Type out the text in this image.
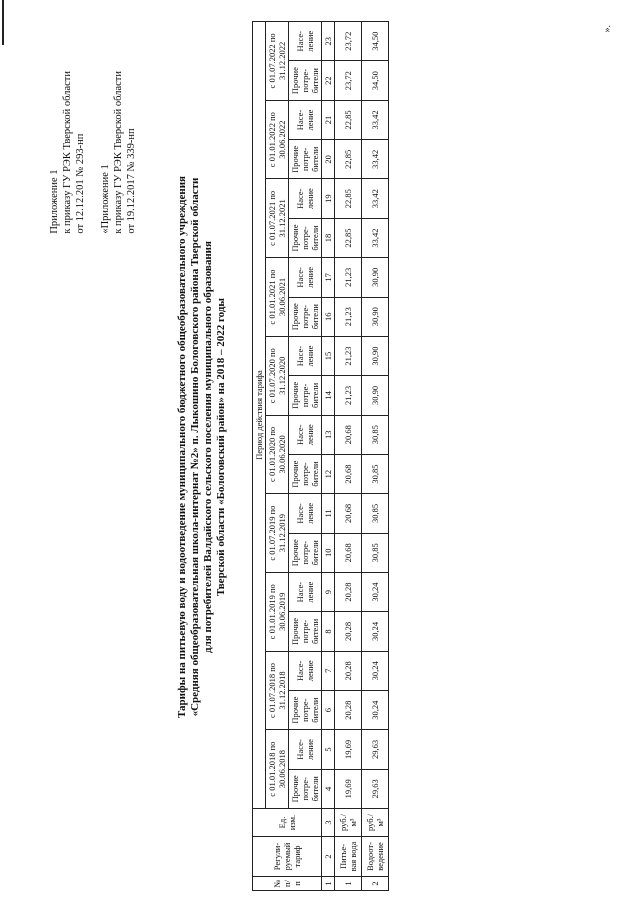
Приложение 1 к приказу ГУ РЭК Тверской области от 12.12.201 № 293-нп «Приложение 1 к приказу ГУ РЭК Тверской области от 19.12.2017 № 339-нп	Тарифы на питьевую воду и водоотведение муниципального бюджетного общеобразовательного учреждения «Средняя общеобразовательная школа-интернат №2» п. Лыкошино Бологовского района Тверской области для потребителей Валдайского сельского поселения муниципального образования Тверской области «Бологовский район» на 2018 – 2022 годы
№ п/п	Регули-руемый тариф	Ед. изм.	Период действия тарифа																			
			с 01.01.2018 по 30.06.2018		с 01.07.2018 по 31.12.2018		с 01.01.2019 по 30.06.2019		с 01.07.2019 по 31.12.2019		с 01.01.2020 по 30.06.2020		с 01.07.2020 по 31.12.2020		с 01.01.2021 по 30.06.2021		с 01.07.2021 по 31.12.2021		с 01.01.2022 по 30.06.2022		с 01.07.2022 по 31.12.2022	
			Прочие потре-бители	Насе-ление	Прочие потре-бители	Насе-ление	Прочие потре-бители	Насе-ление	Прочие потре-бители	Насе-ление	Прочие потре-бители	Насе-ление	Прочие потре-бители	Насе-ление	Прочие потре-бители	Насе-ление	Прочие потре-бители	Насе-ление	Прочие потре-бители	Насе-ление	Прочие потре-бители	Насе-ление
1	2	3	4	5	6	7	8	9	10	11	12	13	14	15	16	17	18	19	20	21	22	23
1	Питье-вая вода	руб./м³	19,69	19,69	20,28	20,28	20,28	20,28	20,68	20,68	20,68	20,68	21,23	21,23	21,23	21,23	22,85	22,85	22,85	22,85	23,72	23,72
2	Водоот-ведение	руб./м³	29,63	29,63	30,24	30,24	30,24	30,24	30,85	30,85	30,85	30,85	30,90	30,90	30,90	30,90	33,42	33,42	33,42	33,42	34,50	34,50
».
